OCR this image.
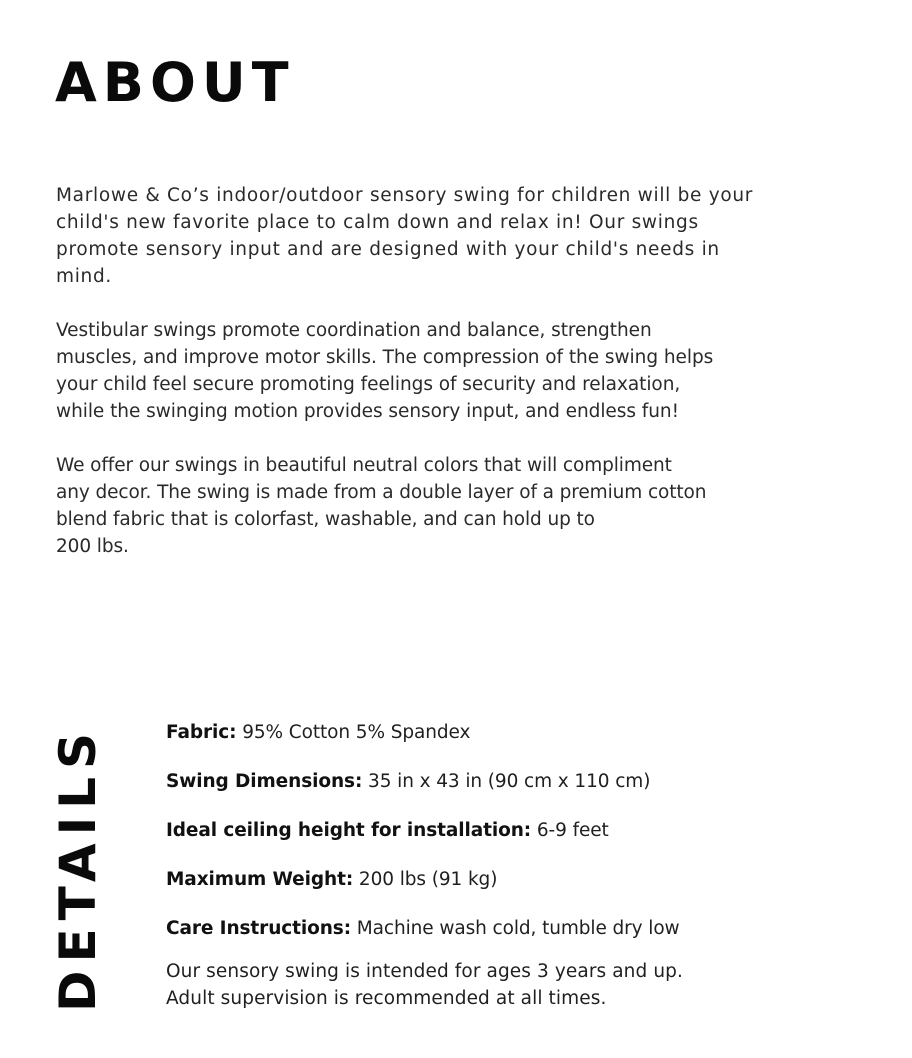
ABOUT

Marlowe & Co’s indoor/outdoor sensory swing for children will be your
child's new favorite place to calm down and relax in! Our swings
promote sensory input and are designed with your child's needs in
mind.

Vestibular swings promote coordination and balance, strengthen
muscles, and improve motor skills. The compression of the swing helps
your child feel secure promoting feelings of security and relaxation,
while the swinging motion provides sensory input, and endless fun!

We offer our swings in beautiful neutral colors that will compliment
any decor. The swing is made from a double layer of a premium cotton
blend fabric that is colorfast, washable, and can hold up to
200 lbs.

DETAILS	Fabric: 95% Cotton 5% Spandex
Swing Dimensions: 35 in x 43 in (90 cm x 110 cm)
Ideal ceiling height for installation: 6-9 feet
Maximum Weight: 200 lbs (91 kg)
Care Instructions: Machine wash cold, tumble dry low

Our sensory swing is intended for ages 3 years and up.
Adult supervision is recommended at all times.
